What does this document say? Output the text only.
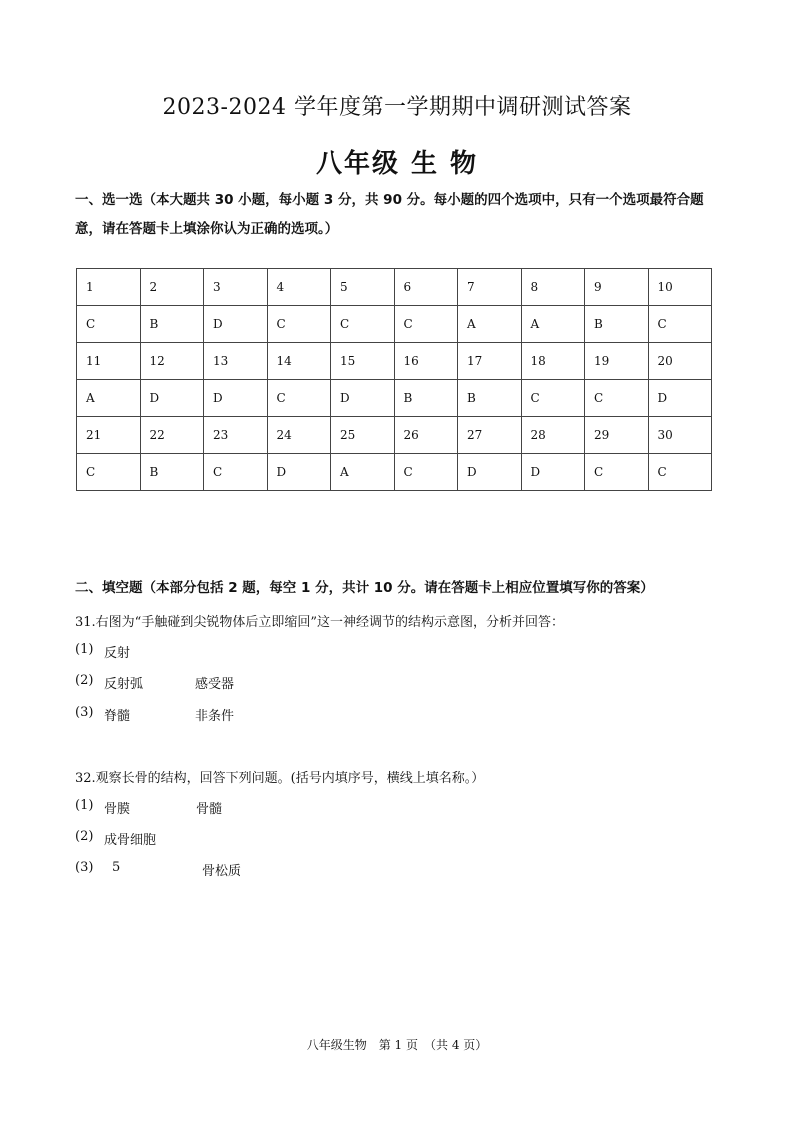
2023-2024 学年度第一学期期中调研测试答案
八年级 生 物
一、选一选（本大题共 30 小题，每小题 3 分，共 90 分。每小题的四个选项中，只有一个选项最符合题意，请在答题卡上填涂你认为正确的选项。）
1	2	3	4	5	6	7	8	9	10
C	B	D	C	C	C	A	A	B	C
11	12	13	14	15	16	17	18	19	20
A	D	D	C	D	B	B	C	C	D
21	22	23	24	25	26	27	28	29	30
C	B	C	D	A	C	D	D	C	C
二、填空题（本部分包括 2 题，每空 1 分，共计 10 分。请在答题卡上相应位置填写你的答案）
31.右图为“手触碰到尖锐物体后立即缩回”这一神经调节的结构示意图，分析并回答：
(1) 反射
(2) 反射弧	感受器
(3) 脊髓	非条件
32.观察长骨的结构，回答下列问题。(括号内填序号，横线上填名称。）
(1) 骨膜	骨髓
(2) 成骨细胞
(3) 5	骨松质
八年级生物　第 1 页　（共 4 页）
